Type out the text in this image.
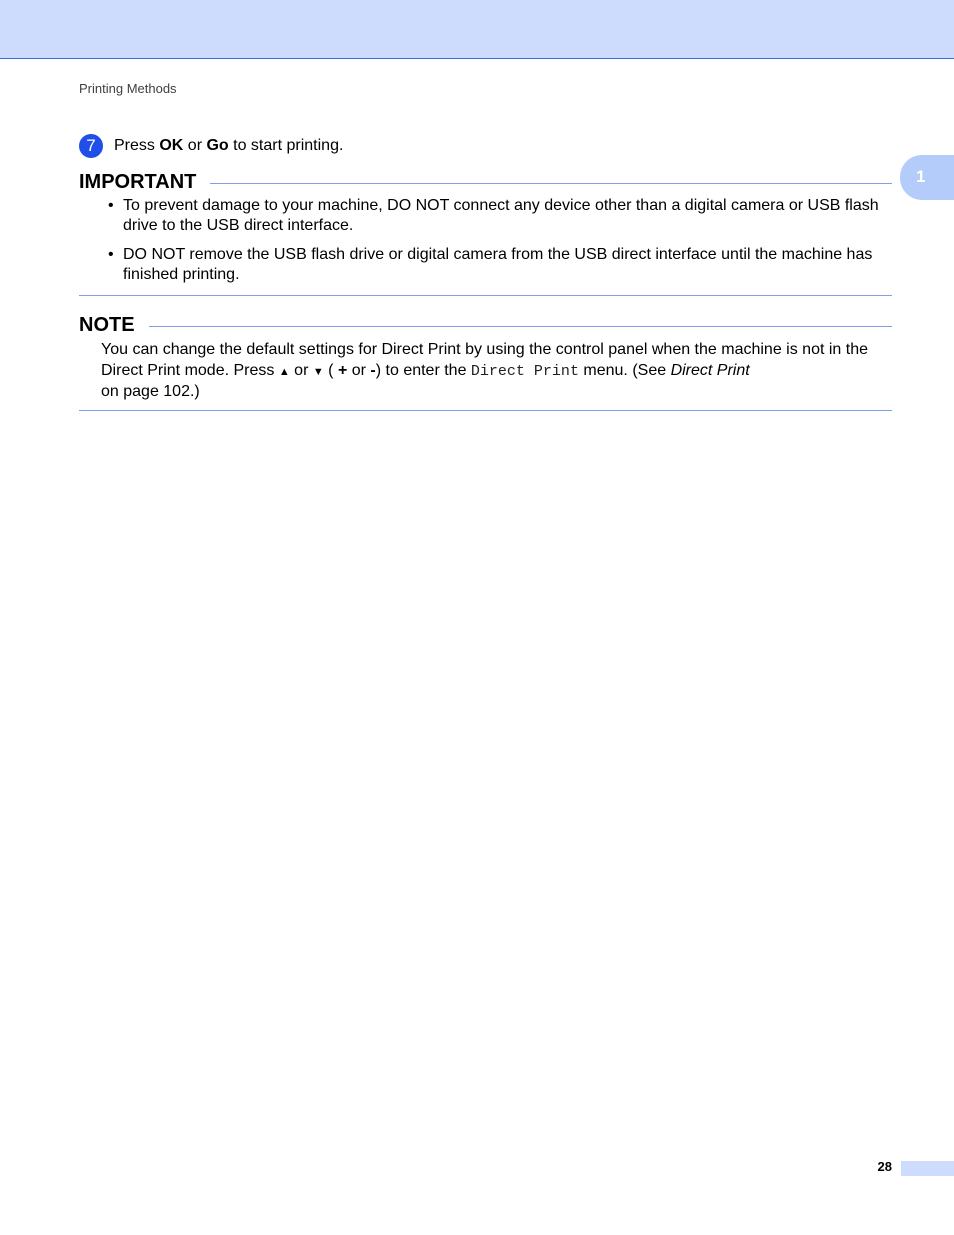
Printing Methods
1
7	Press OK or Go to start printing.
IMPORTANT
• To prevent damage to your machine, DO NOT connect any device other than a digital camera or USB flash drive to the USB direct interface.
• DO NOT remove the USB flash drive or digital camera from the USB direct interface until the machine has finished printing.
NOTE
You can change the default settings for Direct Print by using the control panel when the machine is not in the Direct Print mode. Press ▲ or ▼ ( + or -) to enter the Direct Print menu. (See Direct Print
on page 102.)
28
